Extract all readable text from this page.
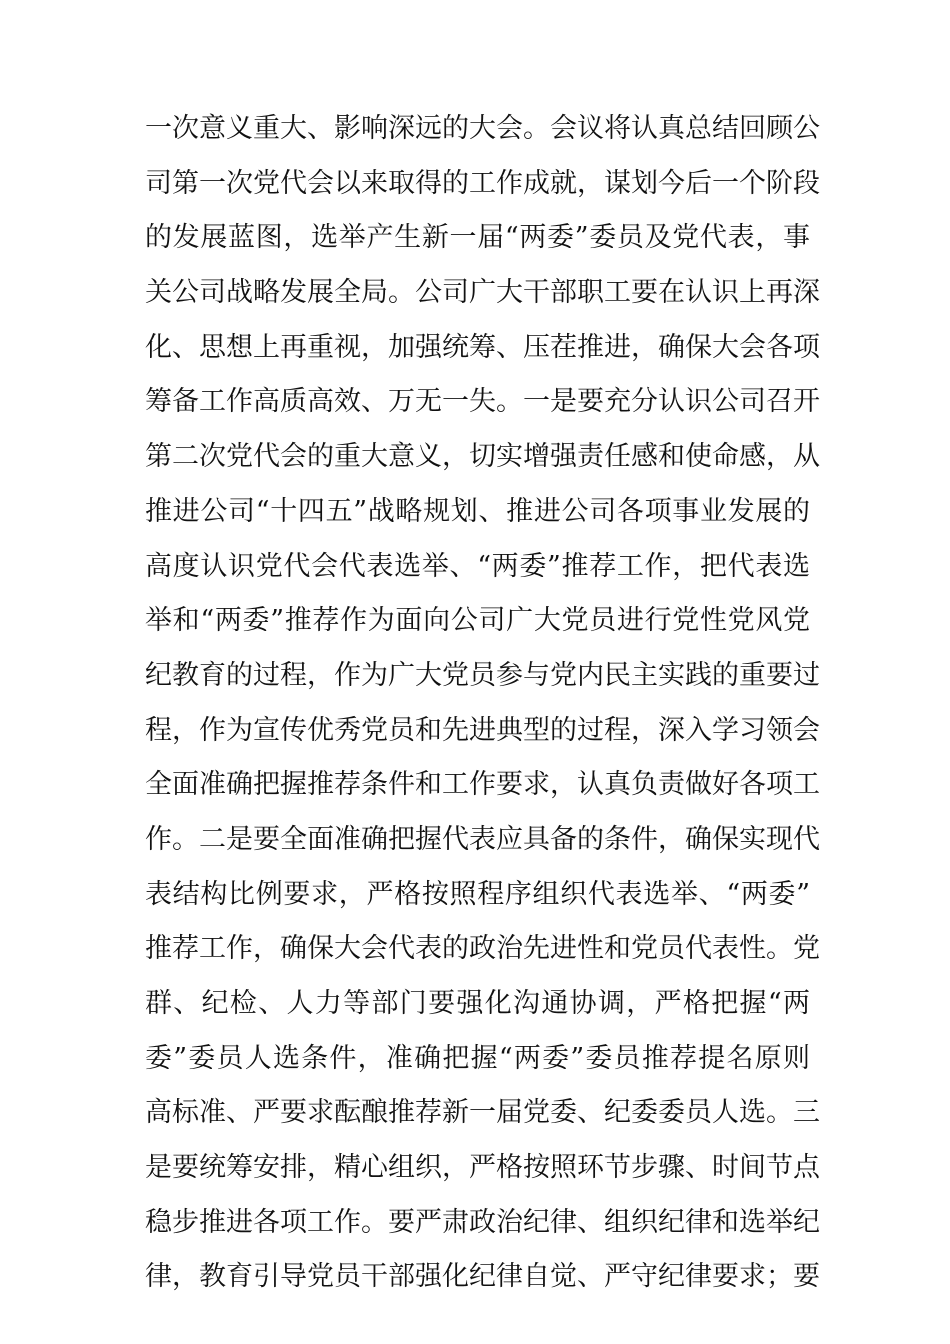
一次意义重大、影响深远的大会。会议将认真总结回顾公
司第一次党代会以来取得的工作成就，谋划今后一个阶段
的发展蓝图，选举产生新一届“两委”委员及党代表，事
关公司战略发展全局。公司广大干部职工要在认识上再深
化、思想上再重视，加强统筹、压茬推进，确保大会各项
筹备工作高质高效、万无一失。一是要充分认识公司召开
第二次党代会的重大意义，切实增强责任感和使命感，从
推进公司“十四五”战略规划、推进公司各项事业发展的
高度认识党代会代表选举、“两委”推荐工作，把代表选
举和“两委”推荐作为面向公司广大党员进行党性党风党
纪教育的过程，作为广大党员参与党内民主实践的重要过
程，作为宣传优秀党员和先进典型的过程，深入学习领会
全面准确把握推荐条件和工作要求，认真负责做好各项工
作。二是要全面准确把握代表应具备的条件，确保实现代
表结构比例要求，严格按照程序组织代表选举、“两委”
推荐工作，确保大会代表的政治先进性和党员代表性。党
群、纪检、人力等部门要强化沟通协调，严格把握“两
委”委员人选条件，准确把握“两委”委员推荐提名原则
高标准、严要求酝酿推荐新一届党委、纪委委员人选。三
是要统筹安排，精心组织，严格按照环节步骤、时间节点
稳步推进各项工作。要严肃政治纪律、组织纪律和选举纪
律，教育引导党员干部强化纪律自觉、严守纪律要求；要
